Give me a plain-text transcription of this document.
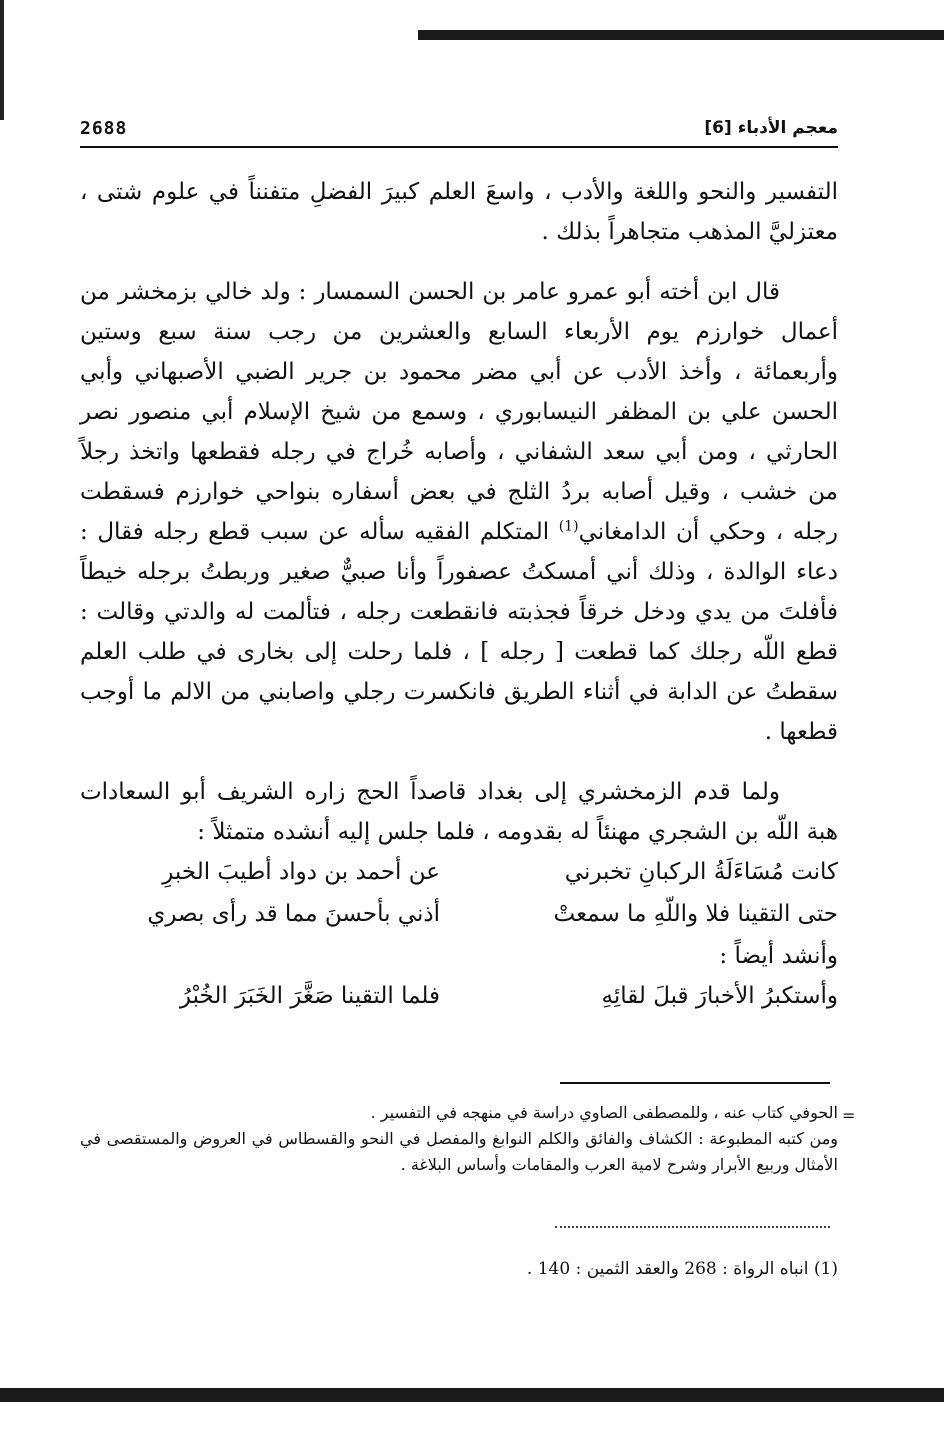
معجم الأدباء [6]
2688

التفسير والنحو واللغة والأدب ، واسعَ العلم كبيرَ الفضلِ متفنناً في علوم شتى ، معتزليَّ المذهب متجاهراً بذلك .

قال ابن أخته أبو عمرو عامر بن الحسن السمسار : ولد خالي بزمخشر من أعمال خوارزم يوم الأربعاء السابع والعشرين من رجب سنة سبع وستين وأربعمائة ، وأخذ الأدب عن أبي مضر محمود بن جرير الضبي الأصبهاني وأبي الحسن علي بن المظفر النيسابوري ، وسمع من شيخ الإسلام أبي منصور نصر الحارثي ، ومن أبي سعد الشفاني ، وأصابه خُراج في رجله فقطعها واتخذ رجلاً من خشب ، وقيل أصابه بردُ الثلج في بعض أسفاره بنواحي خوارزم فسقطت رجله ، وحكي أن الدامغاني$^{(1)}$ المتكلم الفقيه سأله عن سبب قطع رجله فقال : دعاء الوالدة ، وذلك أني أمسكتُ عصفوراً وأنا صبيٌّ صغير وربطتُ برجله خيطاً فأفلتَ من يدي ودخل خرقاً فجذبته فانقطعت رجله ، فتألمت له والدتي وقالت : قطع اللّه رجلك كما قطعت [ رجله ] ، فلما رحلت إلى بخارى في طلب العلم سقطتُ عن الدابة في أثناء الطريق فانكسرت رجلي واصابني من الالم ما أوجب قطعها .

ولما قدم الزمخشري إلى بغداد قاصداً الحج زاره الشريف أبو السعادات هبة اللّه بن الشجري مهنئاً له بقدومه ، فلما جلس إليه أنشده متمثلاً :

كانت مُسَاءَلَةُ الركبانِ تخبرني
عن أحمد بن دواد أطيبَ الخبرِ
حتى التقينا فلا واللّهِ ما سمعتْ
أذني بأحسنَ مما قد رأى بصري

وأنشد أيضاً :

وأستكبرُ الأخبارَ قبلَ لقائِهِ
فلما التقينا صَغَّرَ الخَبَرَ الخُبْرُ
=

الحوفي كتاب عنه ، وللمصطفى الصاوي دراسة في منهجه في التفسير .

ومن كتبه المطبوعة : الكشاف والفائق والكلم النوابغ والمفصل في النحو والقسطاس في العروض والمستقصى في الأمثال وربيع الأبرار وشرح لامية العرب والمقامات وأساس البلاغة .

(1) انباه الرواة : 268 والعقد الثمين : 140 .
